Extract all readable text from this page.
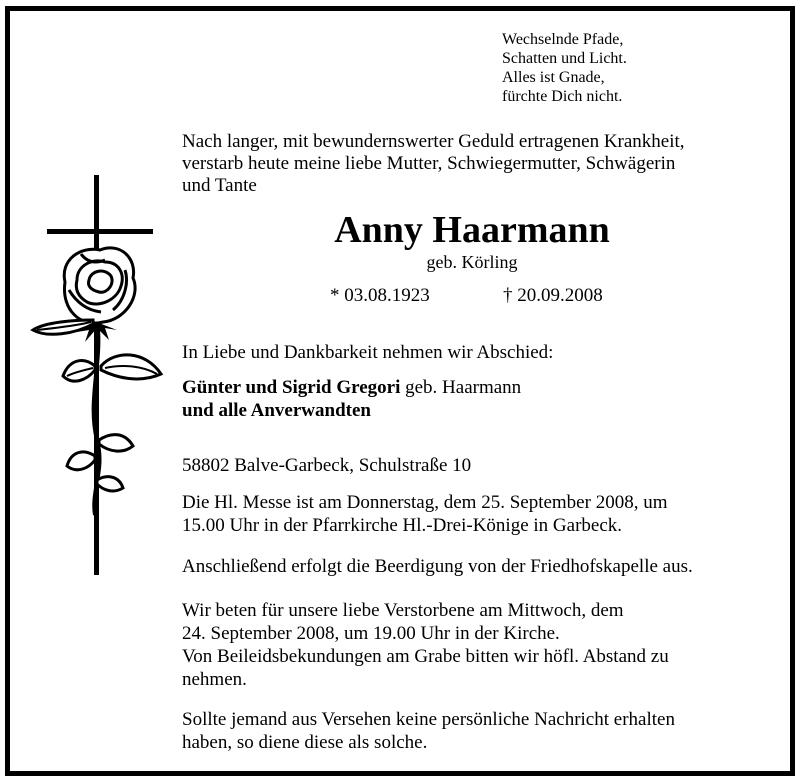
Wechselnde Pfade,
Schatten und Licht.
Alles ist Gnade,
fürchte Dich nicht.
Nach langer, mit bewundernswerter Geduld ertragenen Krankheit,
verstarb heute meine liebe Mutter, Schwiegermutter, Schwägerin
und Tante
Anny Haarmann
geb. Körling
* 03.08.1923	† 20.09.2008
In Liebe und Dankbarkeit nehmen wir Abschied:
Günter und Sigrid Gregori geb. Haarmann
und alle Anverwandten
58802 Balve-Garbeck, Schulstraße 10
Die Hl. Messe ist am Donnerstag, dem 25. September 2008, um
15.00 Uhr in der Pfarrkirche Hl.-Drei-Könige in Garbeck.
Anschließend erfolgt die Beerdigung von der Friedhofskapelle aus.
Wir beten für unsere liebe Verstorbene am Mittwoch, dem
24. September 2008, um 19.00 Uhr in der Kirche.
Von Beileidsbekundungen am Grabe bitten wir höfl. Abstand zu
nehmen.
Sollte jemand aus Versehen keine persönliche Nachricht erhalten
haben, so diene diese als solche.
